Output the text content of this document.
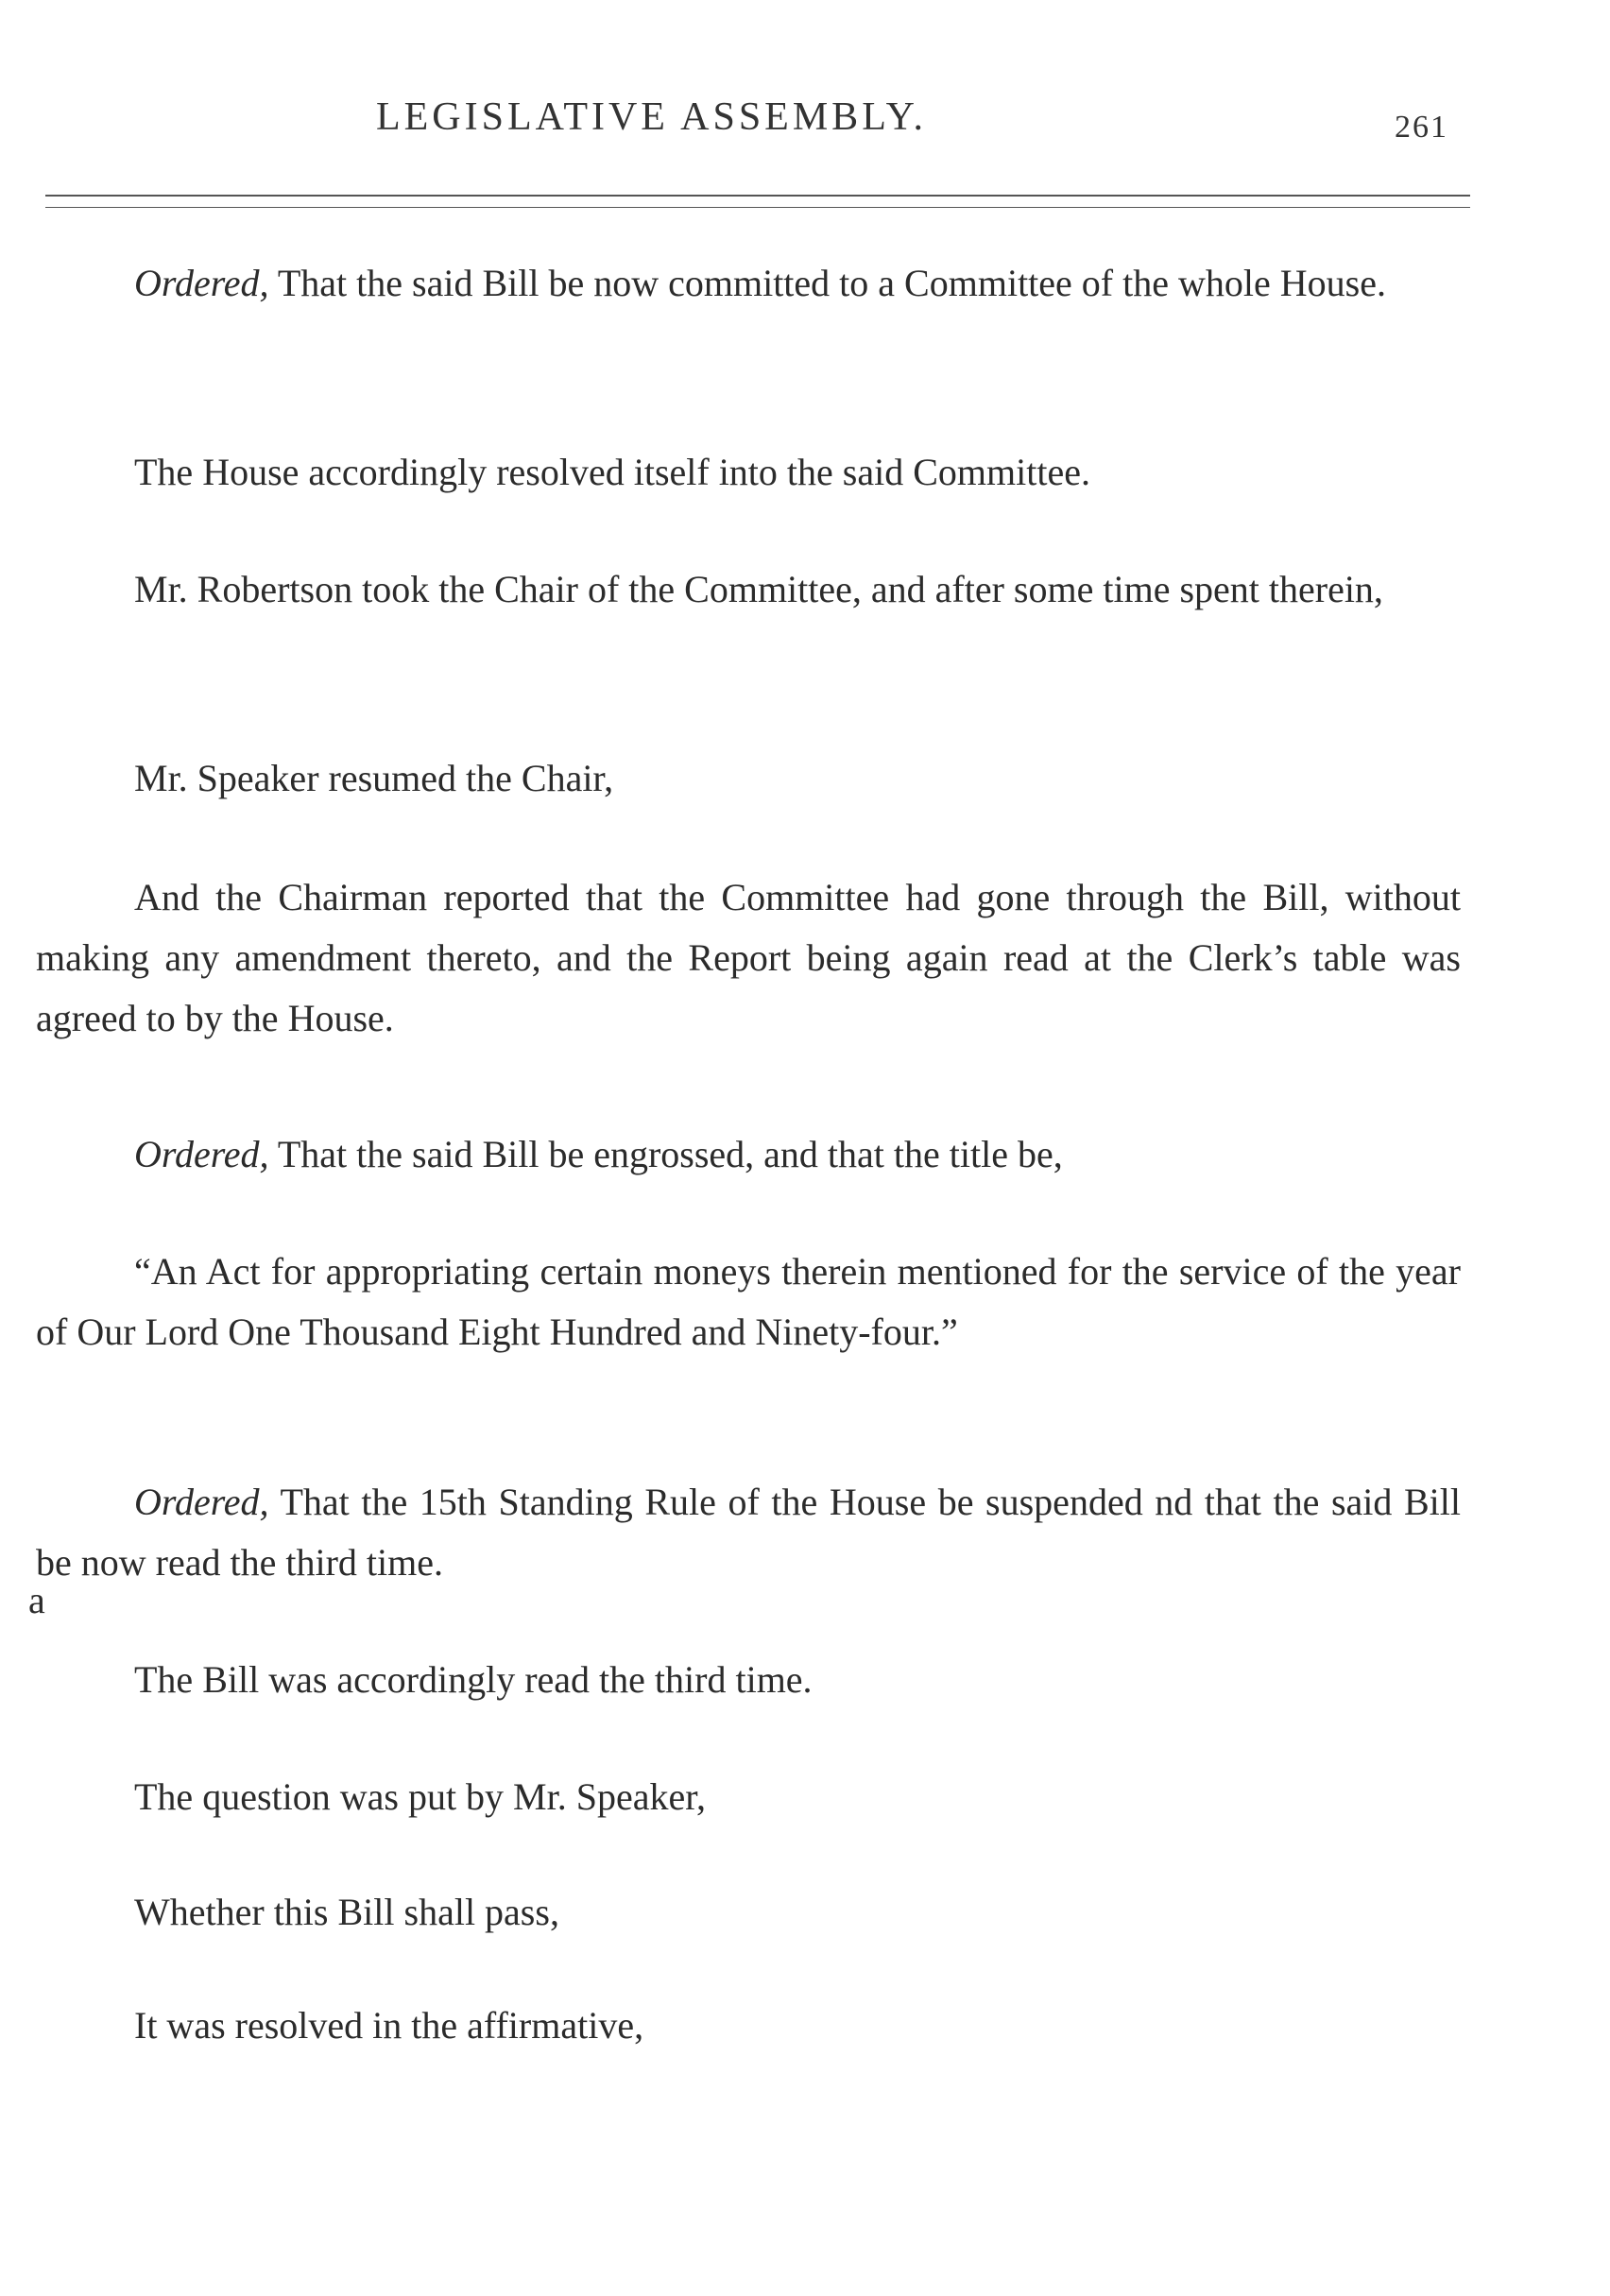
LEGISLATIVE ASSEMBLY.	261

Ordered, That the said Bill be now committed to a Committee of the whole House.

The House accordingly resolved itself into the said Committee.

Mr. Robertson took the Chair of the Committee, and after some time spent therein,

Mr. Speaker resumed the Chair,

And the Chairman reported that the Committee had gone through the Bill, without making any amendment thereto, and the Report being again read at the Clerk’s table was agreed to by the House.

Ordered, That the said Bill be engrossed, and that the title be,

“An Act for appropriating certain moneys therein mentioned for the service of the year of Our Lord One Thousand Eight Hundred and Ninety-four.”

Ordered, That the 15th Standing Rule of the House be suspended nd that the said Bill be now read the third time.

a

The Bill was accordingly read the third time.

The question was put by Mr. Speaker,

Whether this Bill shall pass,

It was resolved in the affirmative,
